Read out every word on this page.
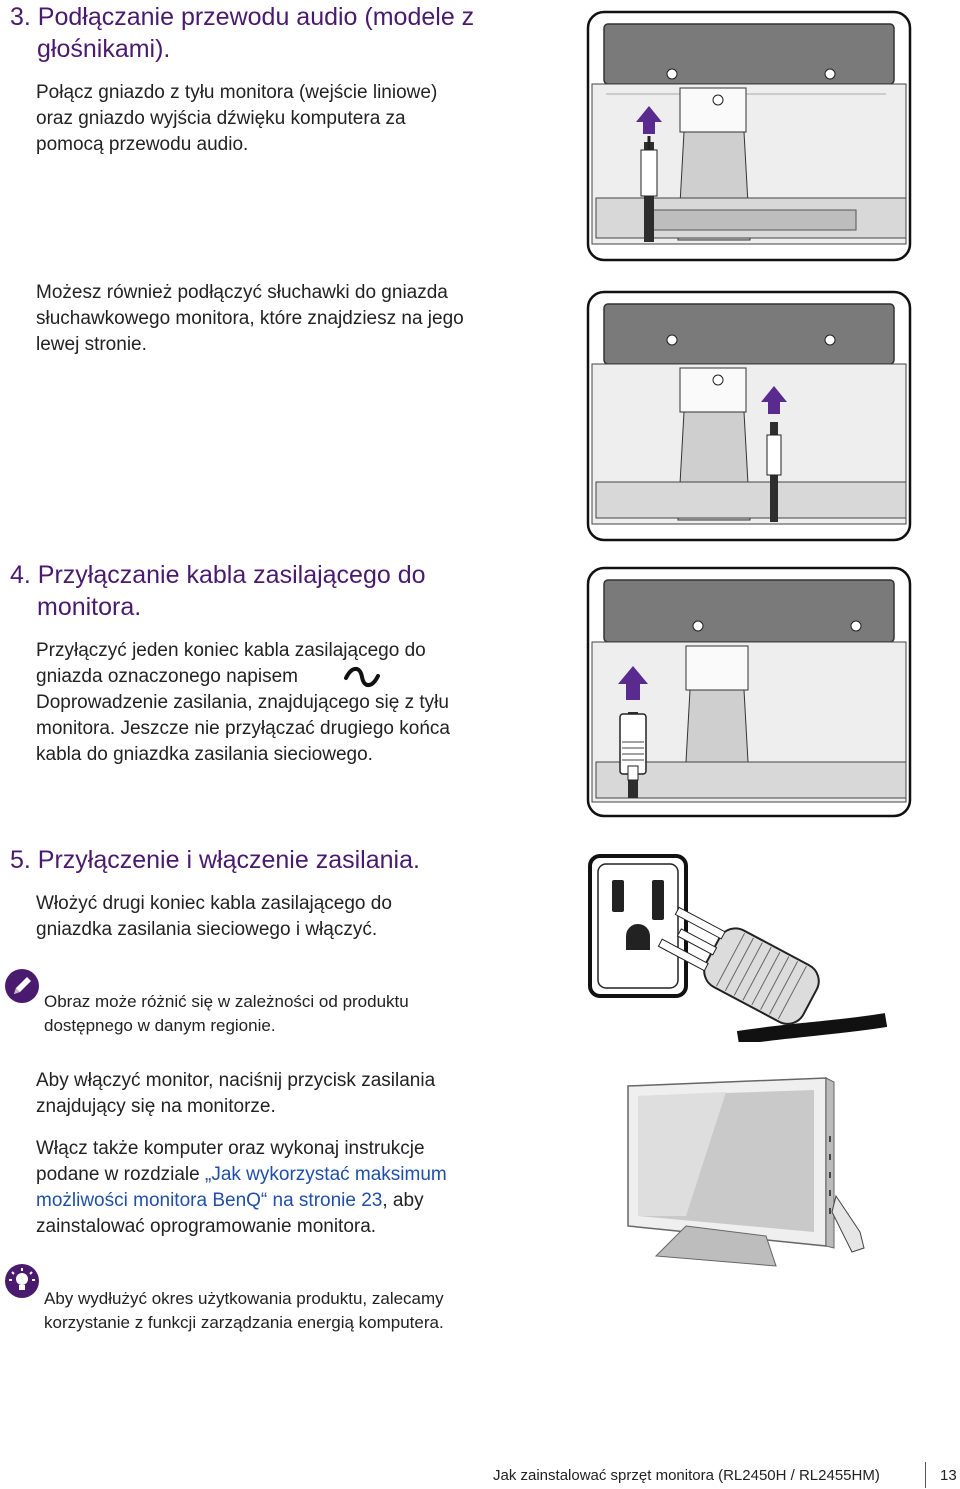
3. Podłączanie przewodu audio (modele z
głośnikami).
Połącz gniazdo z tyłu monitora (wejście liniowe)
oraz gniazdo wyjścia dźwięku komputera za
pomocą przewodu audio.
Możesz również podłączyć słuchawki do gniazda
słuchawkowego monitora, które znajdziesz na jego
lewej stronie.
4. Przyłączanie kabla zasilającego do
monitora.
Przyłączyć jeden koniec kabla zasilającego do
gniazda oznaczonego napisem
Doprowadzenie zasilania, znajdującego się z tyłu
monitora. Jeszcze nie przyłączać drugiego końca
kabla do gniazdka zasilania sieciowego.
5. Przyłączenie i włączenie zasilania.
Włożyć drugi koniec kabla zasilającego do
gniazdka zasilania sieciowego i włączyć.
Obraz może różnić się w zależności od produktu
dostępnego w danym regionie.
Aby włączyć monitor, naciśnij przycisk zasilania
znajdujący się na monitorze.
Włącz także komputer oraz wykonaj instrukcje
podane w rozdziale „Jak wykorzystać maksimum
możliwości monitora BenQ“ na stronie 23, aby
zainstalować oprogramowanie monitora.
Aby wydłużyć okres użytkowania produktu, zalecamy
korzystanie z funkcji zarządzania energią komputera.
Jak zainstalować sprzęt monitora (RL2450H / RL2455HM)	13
